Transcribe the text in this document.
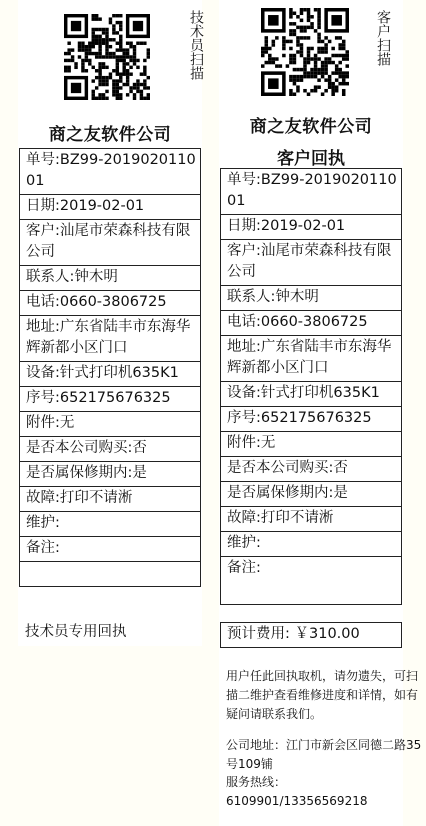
技术员扫描
商之友软件公司
单号:BZ99-201902011001
日期:2019-02-01
客户:汕尾市荣森科技有限公司
联系人:钟木明
电话:0660-3806725
地址:广东省陆丰市东海华辉新都小区门口
设备:针式打印机635K1
序号:652175676325
附件:无
是否本公司购买:否
是否属保修期内:是
故障:打印不请淅
维护:
备注:

技术员专用回执
客户扫描
商之友软件公司
客户回执
单号:BZ99-201902011001
日期:2019-02-01
客户:汕尾市荣森科技有限公司
联系人:钟木明
电话:0660-3806725
地址:广东省陆丰市东海华辉新都小区门口
设备:针式打印机635K1
序号:652175676325
附件:无
是否本公司购买:否
是否属保修期内:是
故障:打印不请淅
维护:
备注:
预计费用: ￥310.00
用户任此回执取机，请勿遗失，可扫描二维护查看维修进度和详情，如有疑问请联系我们。
公司地址：江门市新会区同德二路35号109铺
服务热线：
6109901/13356569218
